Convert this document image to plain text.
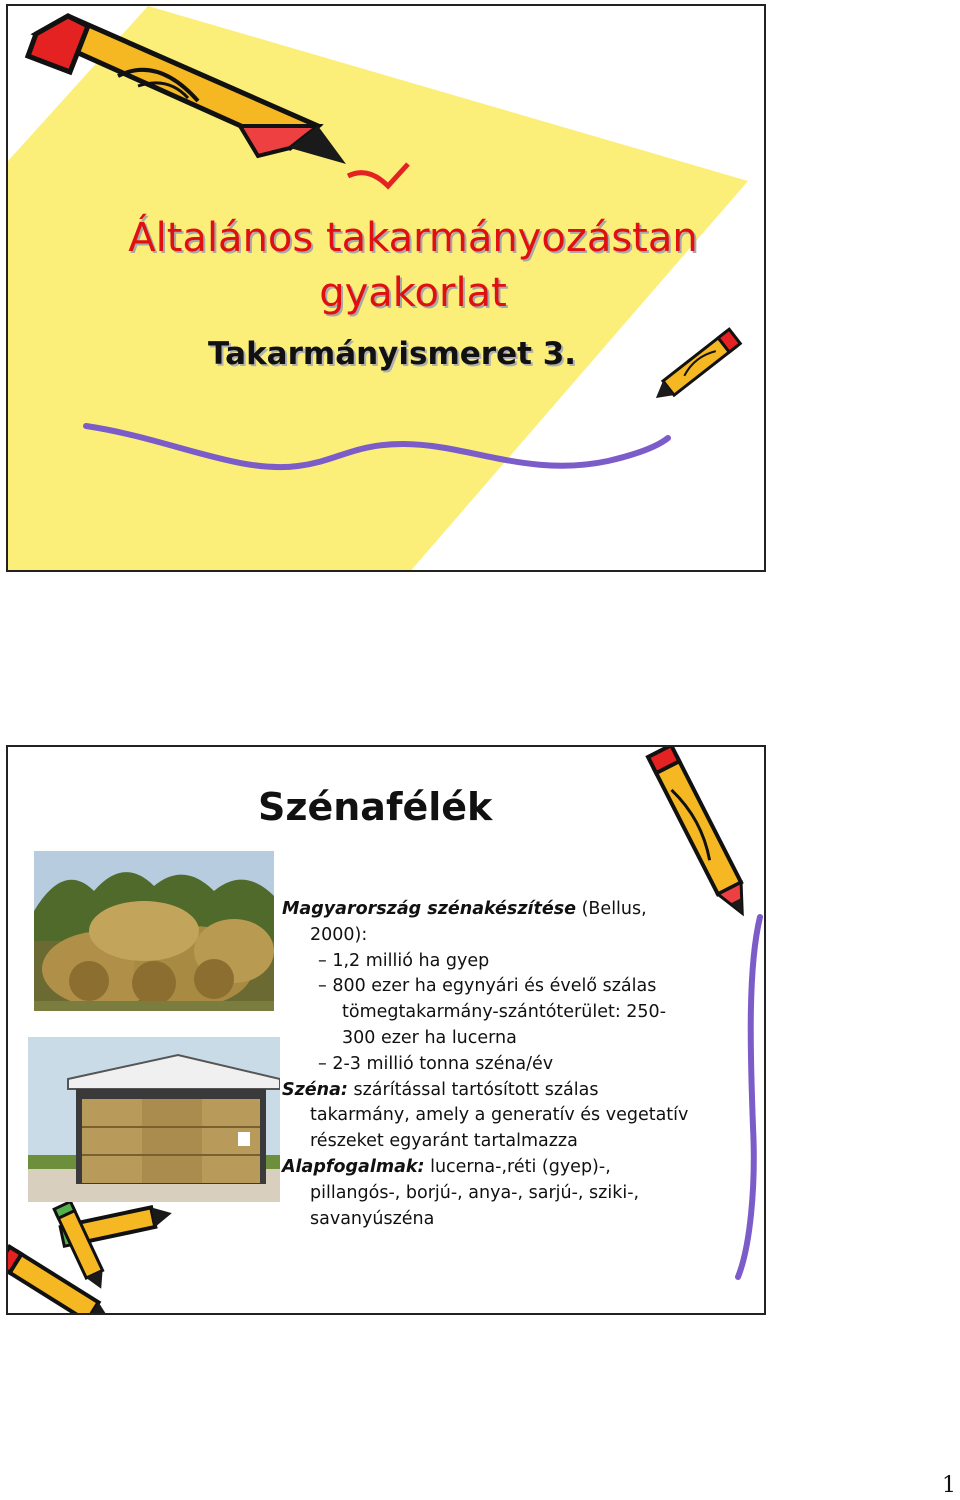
Általános takarmányozástan gyakorlat
Takarmányismeret 3.
Szénafélék
Magyarország szénakészítése (Bellus,
2000):
– 1,2 millió ha gyep
– 800 ezer ha egynyári és évelő szálas
tömegtakarmány-szántóterület: 250-
300 ezer ha lucerna
– 2-3 millió tonna széna/év
Széna: szárítással tartósított szálas
takarmány, amely a generatív és vegetatív
részeket egyaránt tartalmazza
Alapfogalmak: lucerna-,réti (gyep)-,
pillangós-, borjú-, anya-, sarjú-, sziki-,
savanyúszéna
1
